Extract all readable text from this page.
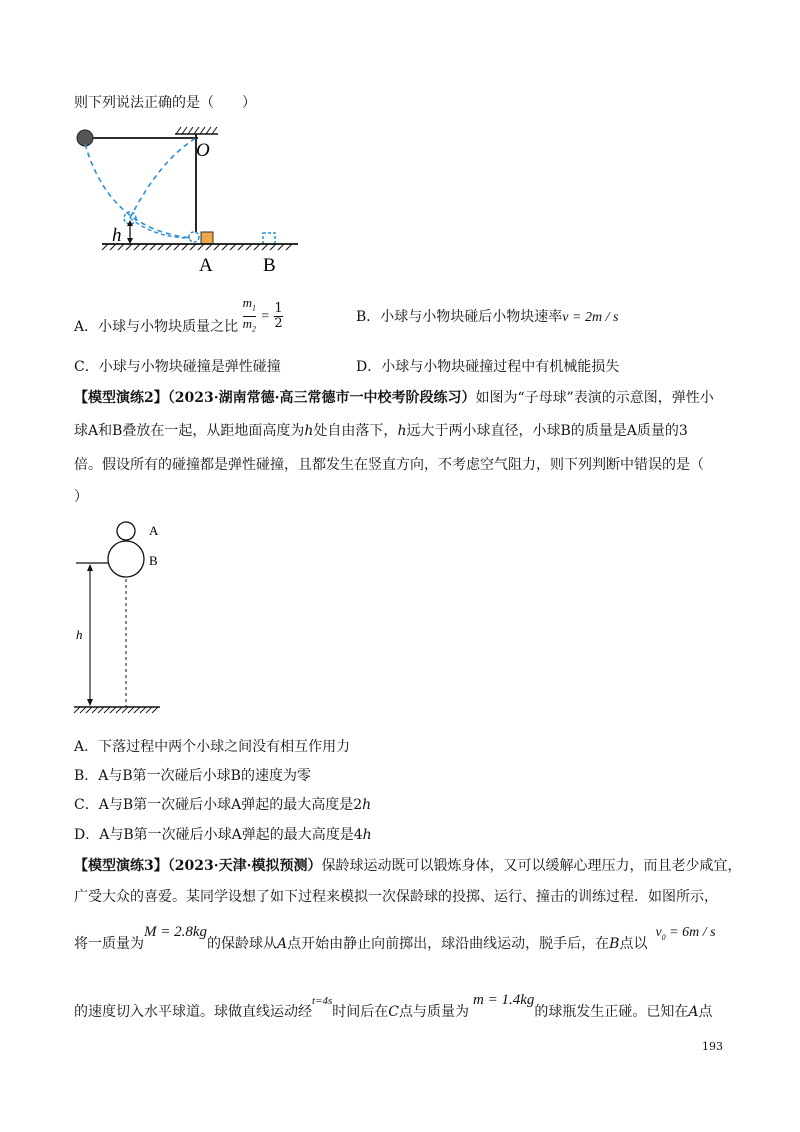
则下列说法正确的是（　　）
O
h
A	B
A．小球与小物块质量之比 $\frac{m_1}{m_2} = \frac{1}{2}$	B．小球与小物块碰后小物块速率v = 2m / s
C．小球与小物块碰撞是弹性碰撞	D．小球与小物块碰撞过程中有机械能损失
【模型演练2】（2023·湖南常德·高三常德市一中校考阶段练习）如图为“子母球”表演的示意图，弹性小
球A和B叠放在一起，从距地面高度为h处自由落下，h远大于两小球直径，小球B的质量是A质量的3
倍。假设所有的碰撞都是弹性碰撞，且都发生在竖直方向，不考虑空气阻力，则下列判断中错误的是（
）
A
B
h
A．下落过程中两个小球之间没有相互作用力
B．A与B第一次碰后小球B的速度为零
C．A与B第一次碰后小球A弹起的最大高度是2h
D．A与B第一次碰后小球A弹起的最大高度是4h
【模型演练3】（2023·天津·模拟预测）保龄球运动既可以锻炼身体，又可以缓解心理压力，而且老少咸宜，
广受大众的喜爱。某同学设想了如下过程来模拟一次保龄球的投掷、运行、撞击的训练过程．如图所示，
将一质量为M = 2.8kg的保龄球从A点开始由静止向前掷出，球沿曲线运动，脱手后，在B点以$v_0 = 6m / s$
的速度切入水平球道。球做直线运动经$^{t=4s}$时间后在C点与质量为m = 1.4kg的球瓶发生正碰。已知在A点
193
